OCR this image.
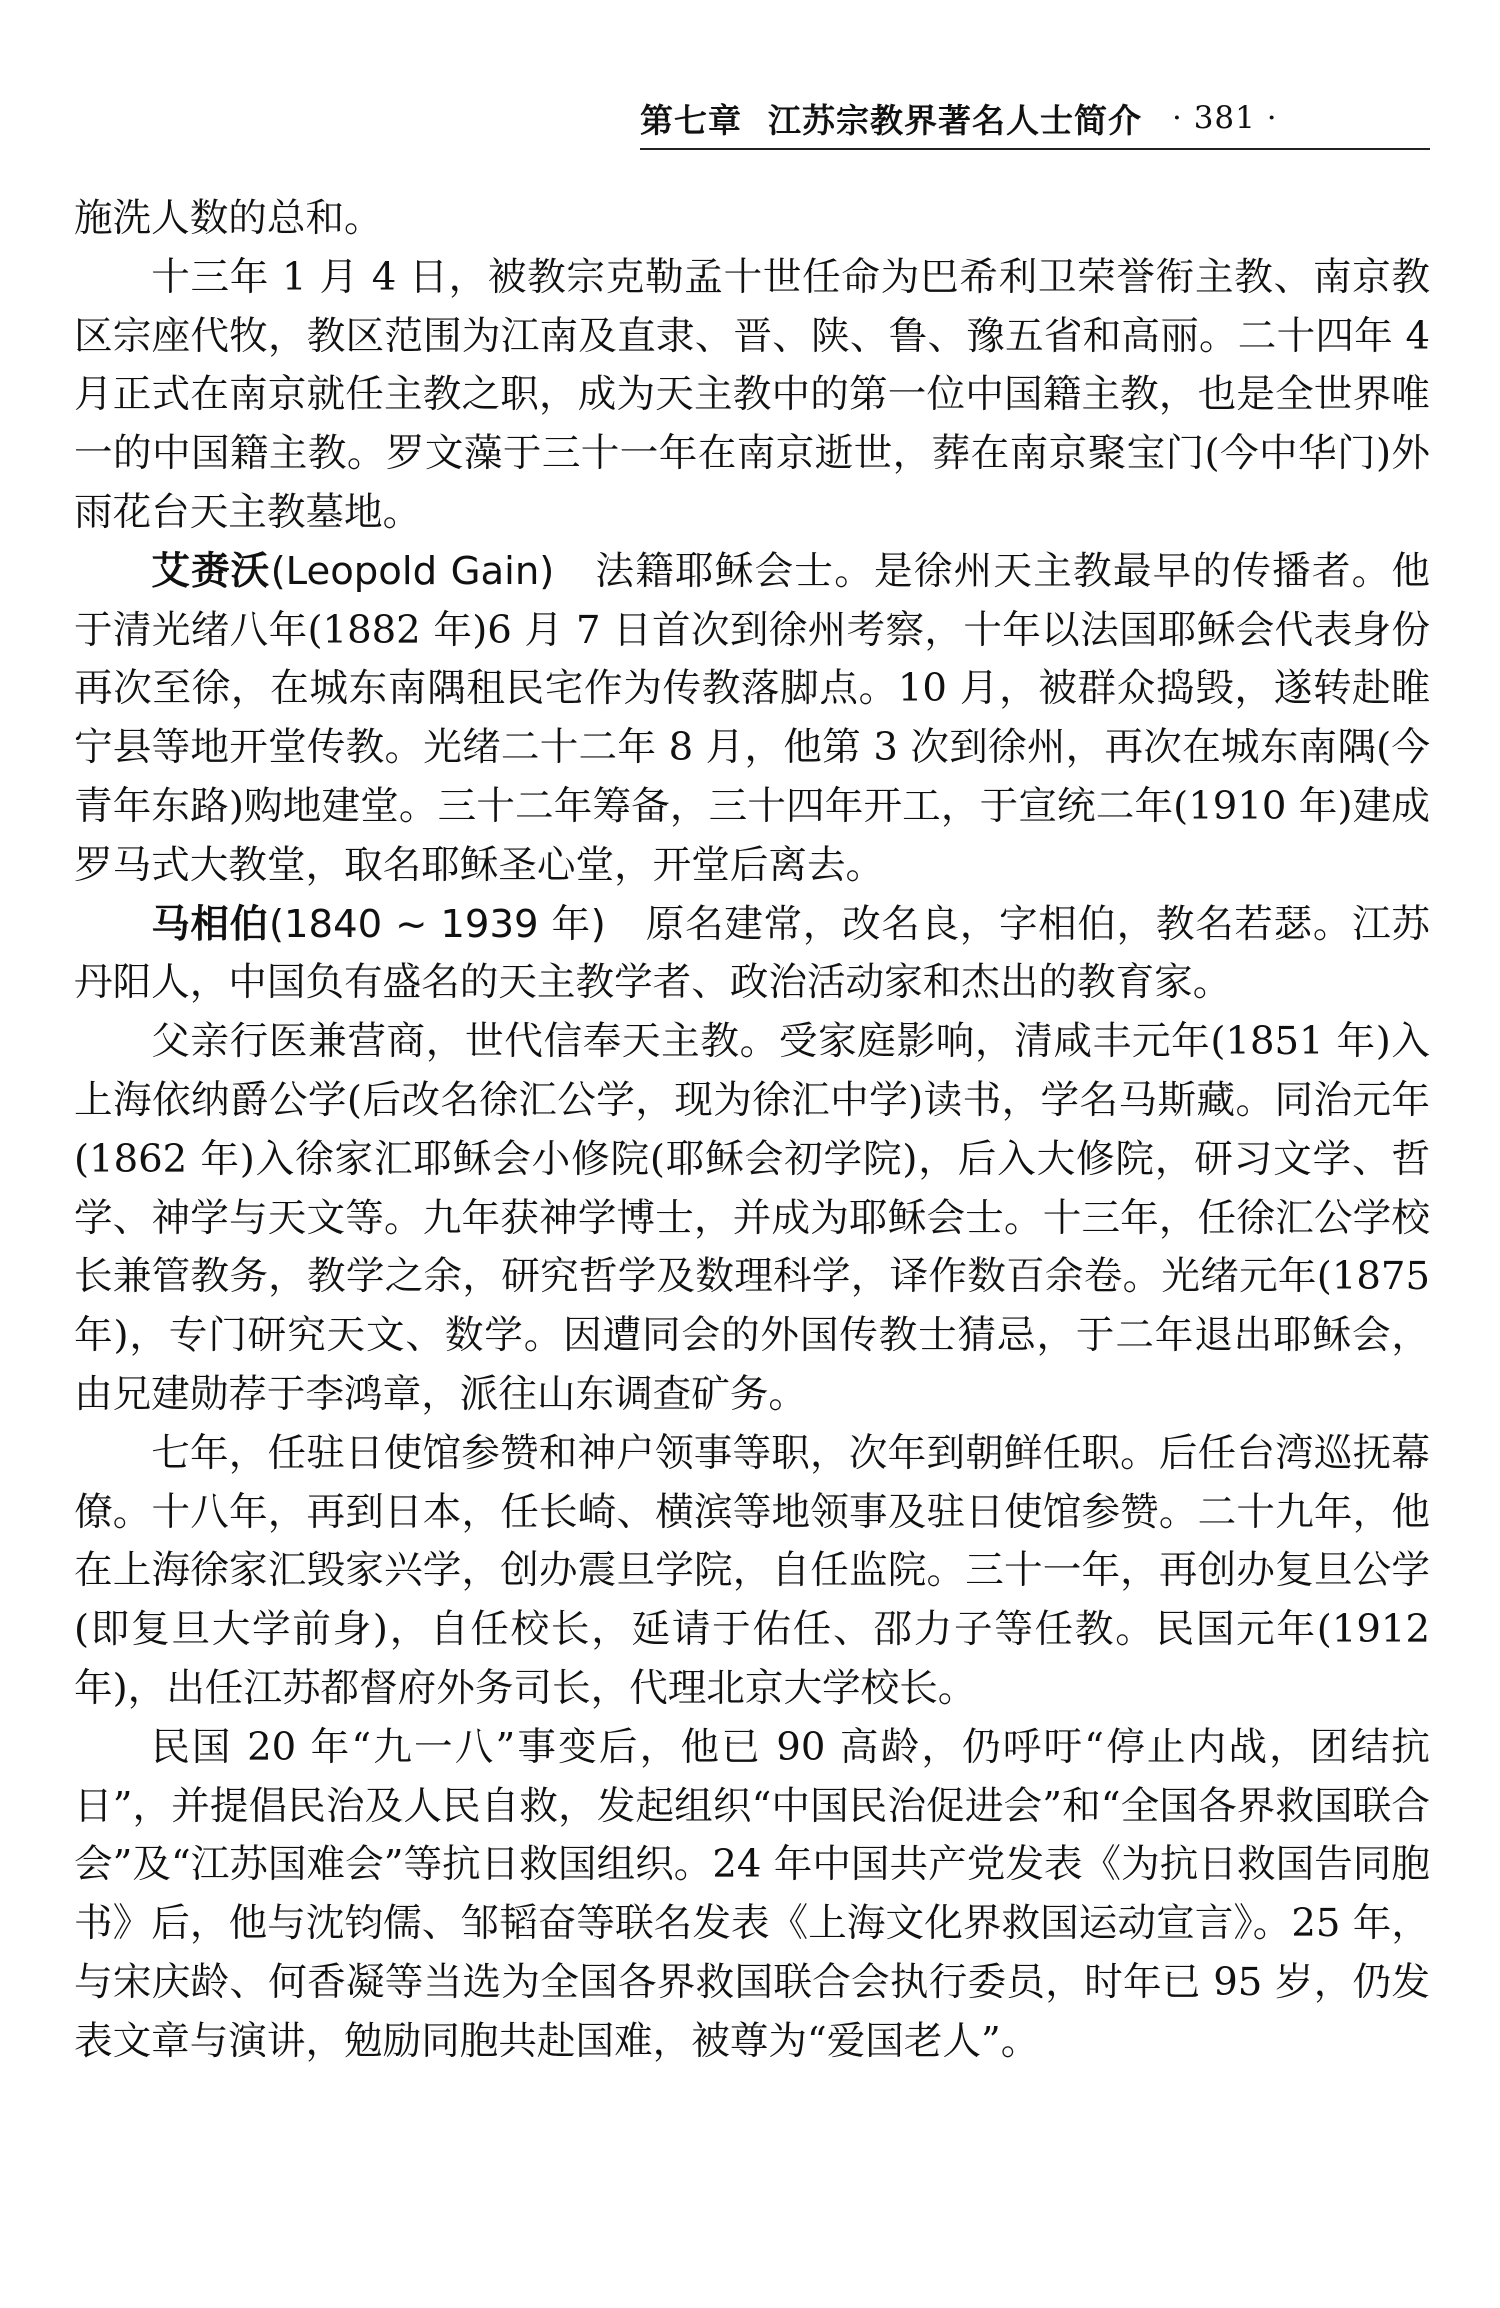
第七章 江苏宗教界著名人士简介 · 381 ·

施洗人数的总和。

十三年 1 月 4 日，被教宗克勒孟十世任命为巴希利卫荣誉衔主教、南京教区宗座代牧，教区范围为江南及直隶、晋、陕、鲁、豫五省和高丽。二十四年 4 月正式在南京就任主教之职，成为天主教中的第一位中国籍主教，也是全世界唯一的中国籍主教。罗文藻于三十一年在南京逝世，葬在南京聚宝门(今中华门)外雨花台天主教墓地。

艾赉沃(Leopold Gain)　法籍耶稣会士。是徐州天主教最早的传播者。他于清光绪八年(1882 年)6 月 7 日首次到徐州考察，十年以法国耶稣会代表身份再次至徐，在城东南隅租民宅作为传教落脚点。10 月，被群众捣毁，遂转赴睢宁县等地开堂传教。光绪二十二年 8 月，他第 3 次到徐州，再次在城东南隅(今青年东路)购地建堂。三十二年筹备，三十四年开工，于宣统二年(1910 年)建成罗马式大教堂，取名耶稣圣心堂，开堂后离去。

马相伯(1840 ~ 1939 年)　原名建常，改名良，字相伯，教名若瑟。江苏丹阳人，中国负有盛名的天主教学者、政治活动家和杰出的教育家。

父亲行医兼营商，世代信奉天主教。受家庭影响，清咸丰元年(1851 年)入上海依纳爵公学(后改名徐汇公学，现为徐汇中学)读书，学名马斯藏。同治元年(1862 年)入徐家汇耶稣会小修院(耶稣会初学院)，后入大修院，研习文学、哲学、神学与天文等。九年获神学博士，并成为耶稣会士。十三年，任徐汇公学校长兼管教务，教学之余，研究哲学及数理科学，译作数百余卷。光绪元年(1875 年)，专门研究天文、数学。因遭同会的外国传教士猜忌，于二年退出耶稣会，由兄建勋荐于李鸿章，派往山东调查矿务。

七年，任驻日使馆参赞和神户领事等职，次年到朝鲜任职。后任台湾巡抚幕僚。十八年，再到日本，任长崎、横滨等地领事及驻日使馆参赞。二十九年，他在上海徐家汇毁家兴学，创办震旦学院，自任监院。三十一年，再创办复旦公学(即复旦大学前身)，自任校长，延请于佑任、邵力子等任教。民国元年(1912 年)，出任江苏都督府外务司长，代理北京大学校长。

民国 20 年“九一八”事变后，他已 90 高龄，仍呼吁“停止内战，团结抗日”，并提倡民治及人民自救，发起组织“中国民治促进会”和“全国各界救国联合会”及“江苏国难会”等抗日救国组织。24 年中国共产党发表《为抗日救国告同胞书》后，他与沈钧儒、邹韬奋等联名发表《上海文化界救国运动宣言》。25 年，与宋庆龄、何香凝等当选为全国各界救国联合会执行委员，时年已 95 岁，仍发表文章与演讲，勉励同胞共赴国难，被尊为“爱国老人”。
